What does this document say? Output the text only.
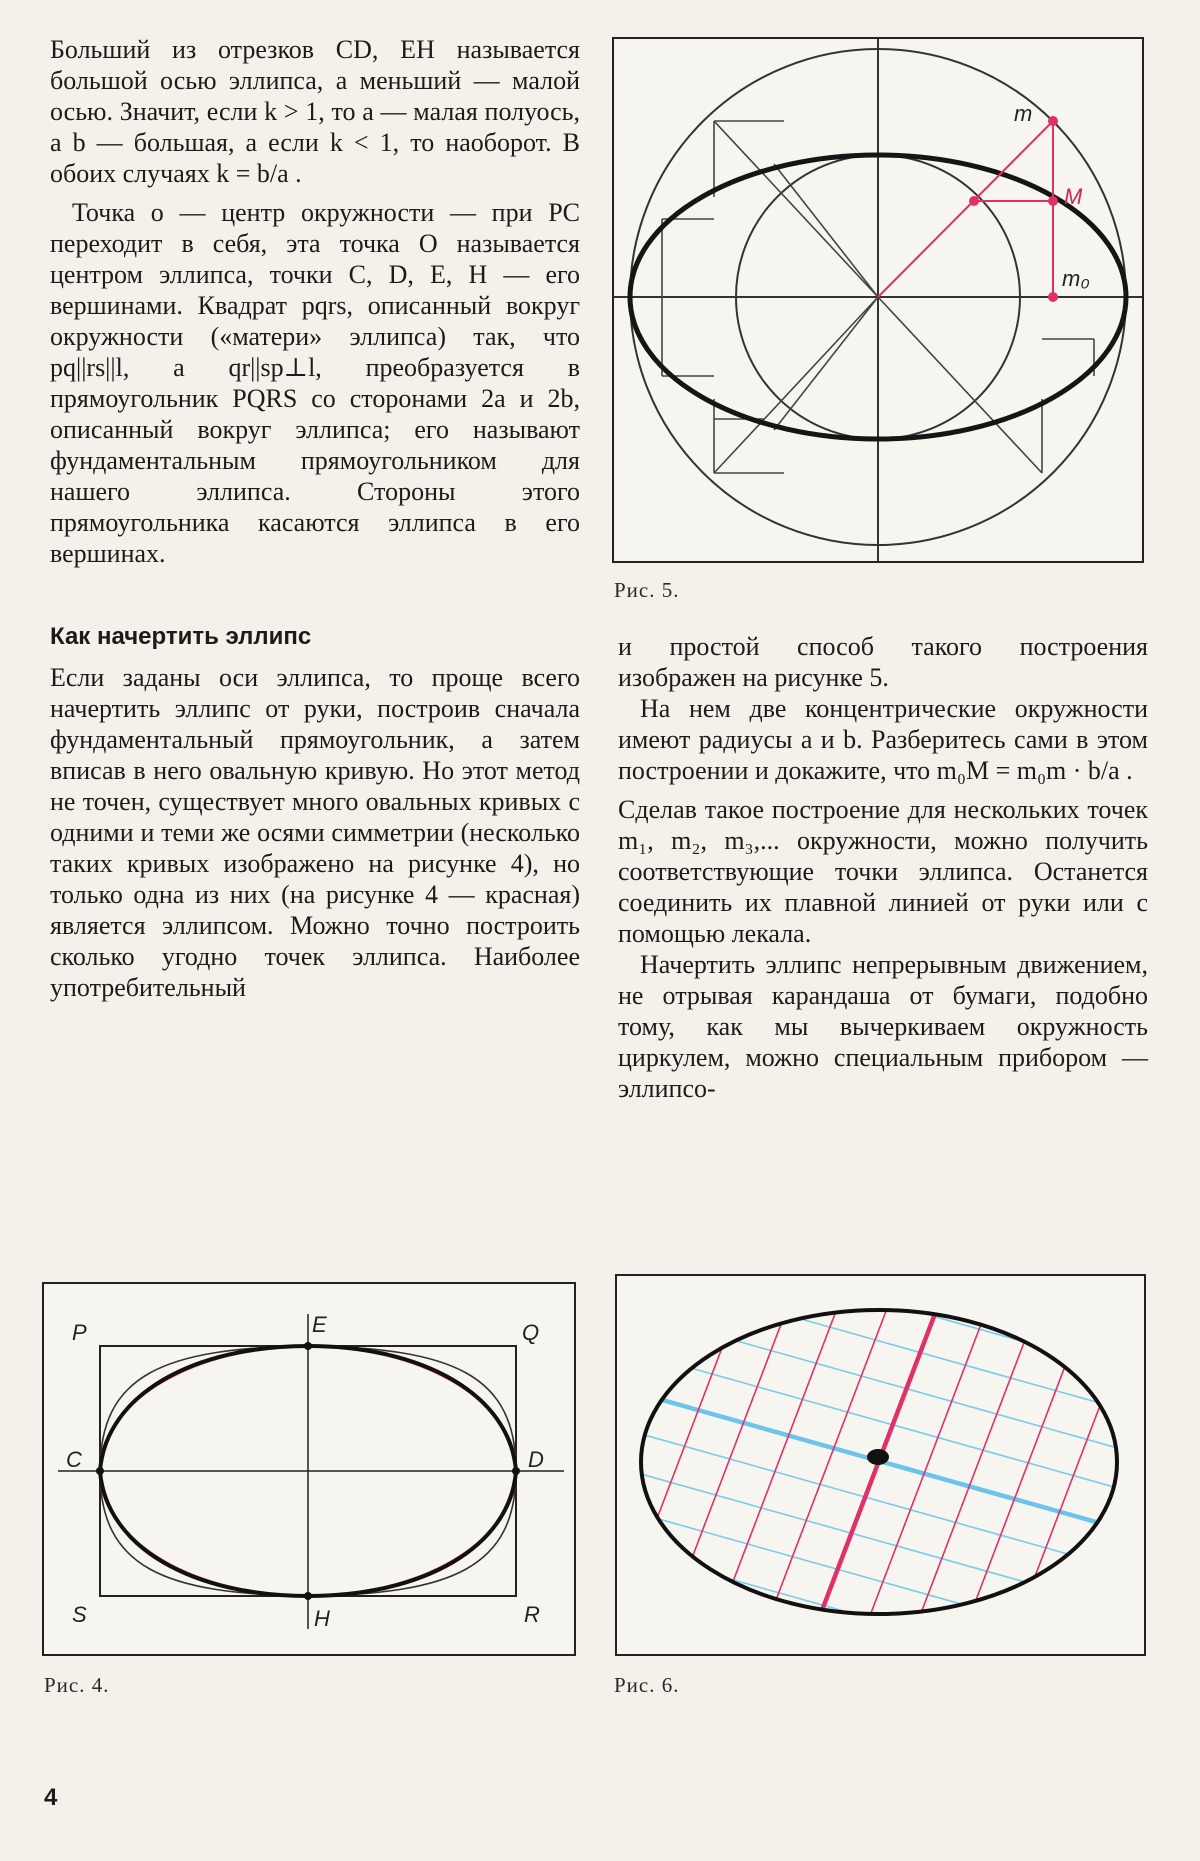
Больший из отрезков CD, EH называется большой осью эллипса, а меньший — малой осью. Значит, если k > 1, то a — малая полуось, а b — большая, а если k < 1, то наоборот. В обоих случаях k = b/a .

Точка o — центр окружности — при PC переходит в себя, эта точка O называется центром эллипса, точки C, D, E, H — его вершинами. Квадрат pqrs, описанный вокруг окружности («матери» эллипса) так, что pq||rs||l, а qr||sp⊥l, преобразуется в прямоугольник PQRS со сторонами 2a и 2b, описанный вокруг эллипса; его называют фундаментальным прямоугольником для нашего эллипса. Стороны этого прямоугольника касаются эллипса в его вершинах.

Как начертить эллипс

Если заданы оси эллипса, то проще всего начертить эллипс от руки, построив сначала фундаментальный прямоугольник, а затем вписав в него овальную кривую. Но этот метод не точен, существует много овальных кривых с одними и теми же осями симметрии (несколько таких кривых изображено на рисунке 4), но только одна из них (на рисунке 4 — красная) является эллипсом. Можно точно построить сколько угодно точек эллипса. Наиболее употребительный

m
M
m₀
Рис. 5.

и простой способ такого построения изображен на рисунке 5.

На нем две концентрические окружности имеют радиусы a и b. Разберитесь сами в этом построении и докажите, что m₀M = m₀m · b/a .

Сделав такое построение для нескольких точек m₁, m₂, m₃,... окружности, можно получить соответствующие точки эллипса. Останется соединить их плавной линией от руки или с помощью лекала.

Начертить эллипс непрерывным движением, не отрывая карандаша от бумаги, подобно тому, как мы вычеркиваем окружность циркулем, можно специальным прибором — эллипсо-

P	Q
E
C	D
S	H	R
Рис. 4.	Рис. 6.
4
